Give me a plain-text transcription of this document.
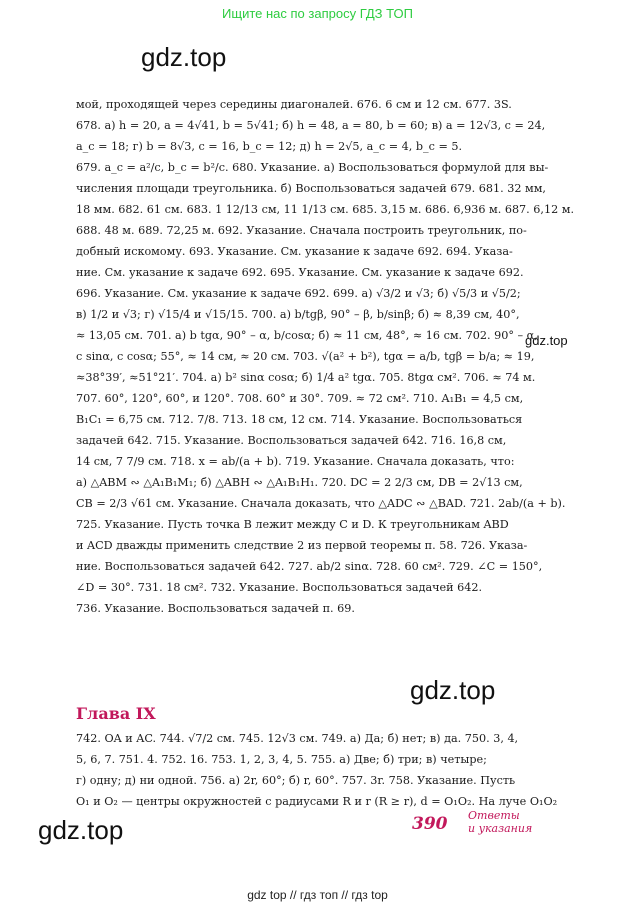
Ищите нас по запросу ГДЗ ТОП
gdz.top
gdz.top
gdz.top
gdz.top
мой, проходящей через середины диагоналей. 676. 6 см и 12 см. 677. 3S.
678. а) h = 20, a = 4√41, b = 5√41; б) h = 48, a = 80, b = 60; в) a = 12√3, c = 24,
a_c = 18; г) b = 8√3, c = 16, b_c = 12; д) h = 2√5, a_c = 4, b_c = 5.
679. a_c = a²/c, b_c = b²/c. 680. Указание. а) Воспользоваться формулой для вы-
числения площади треугольника. б) Воспользоваться задачей 679. 681. 32 мм,
18 мм. 682. 61 см. 683. 1 12/13 см, 11 1/13 см. 685. 3,15 м. 686. 6,936 м. 687. 6,12 м.
688. 48 м. 689. 72,25 м. 692. Указание. Сначала построить треугольник, по-
добный искомому. 693. Указание. См. указание к задаче 692. 694. Указа-
ние. См. указание к задаче 692. 695. Указание. См. указание к задаче 692.
696. Указание. См. указание к задаче 692. 699. а) √3/2 и √3; б) √5/3 и √5/2;
в) 1/2 и √3; г) √15/4 и √15/15. 700. а) b/tgβ, 90° – β, b/sinβ; б) ≈ 8,39 см, 40°,
≈ 13,05 см. 701. а) b tgα, 90° – α, b/cosα; б) ≈ 11 см, 48°, ≈ 16 см. 702. 90° – α,
c sinα, c cosα; 55°, ≈ 14 см, ≈ 20 см. 703. √(a² + b²), tgα = a/b, tgβ = b/a; ≈ 19,
≈38°39′, ≈51°21′. 704. а) b² sinα cosα; б) 1/4 a² tgα. 705. 8tgα см². 706. ≈ 74 м.
707. 60°, 120°, 60°, и 120°. 708. 60° и 30°. 709. ≈ 72 см². 710. A₁B₁ = 4,5 см,
B₁C₁ = 6,75 см. 712. 7/8. 713. 18 см, 12 см. 714. Указание. Воспользоваться
задачей 642. 715. Указание. Воспользоваться задачей 642. 716. 16,8 см,
14 см, 7 7/9 см. 718. x = ab/(a + b). 719. Указание. Сначала доказать, что:
а) △ABM ∾ △A₁B₁M₁; б) △ABH ∾ △A₁B₁H₁. 720. DC = 2 2/3 см, DB = 2√13 см,
CB = 2/3 √61 см. Указание. Сначала доказать, что △ADC ∾ △BAD. 721. 2ab/(a + b).
725. Указание. Пусть точка B лежит между C и D. К треугольникам ABD
и ACD дважды применить следствие 2 из первой теоремы п. 58. 726. Указа-
ние. Воспользоваться задачей 642. 727. ab/2 sinα. 728. 60 см². 729. ∠C = 150°,
∠D = 30°. 731. 18 см². 732. Указание. Воспользоваться задачей 642.
736. Указание. Воспользоваться задачей п. 69.
Глава IX
742. OA и AC. 744. √7/2 см. 745. 12√3 см. 749. а) Да; б) нет; в) да. 750. 3, 4,
5, 6, 7. 751. 4. 752. 16. 753. 1, 2, 3, 4, 5. 755. а) Две; б) три; в) четыре;
г) одну; д) ни одной. 756. а) 2r, 60°; б) r, 60°. 757. 3r. 758. Указание. Пусть
O₁ и O₂ — центры окружностей с радиусами R и r (R ≥ r), d = O₁O₂. На луче O₁O₂
390 Ответы
и указания
gdz top // гдз топ // гдз top
